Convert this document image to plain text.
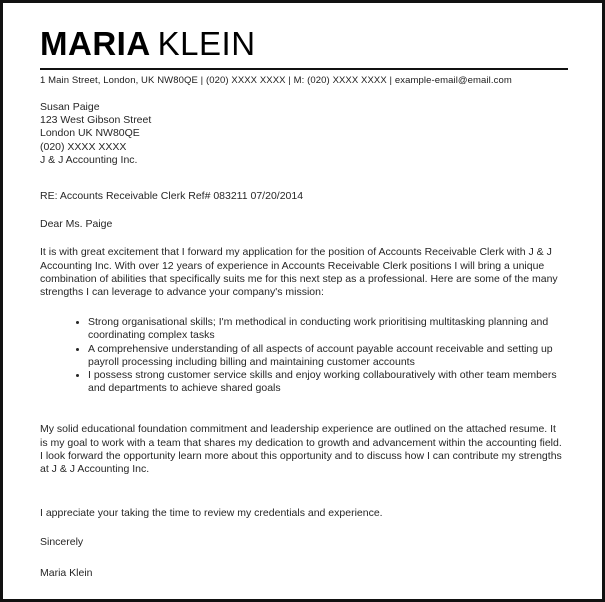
MARIA KLEIN
1 Main Street, London, UK NW80QE | (020) XXXX XXXX | M: (020) XXXX XXXX | example-email@email.com
Susan Paige
123 West Gibson Street
London UK NW80QE
(020) XXXX XXXX
J & J Accounting Inc.
RE: Accounts Receivable Clerk Ref# 083211 07/20/2014
Dear Ms. Paige
It is with great excitement that I forward my application for the position of Accounts Receivable Clerk with J & J Accounting Inc. With over 12 years of experience in Accounts Receivable Clerk positions I will bring a unique combination of abilities that specifically suits me for this next step as a professional. Here are some of the many strengths I can leverage to advance your company's mission:
Strong organisational skills; I'm methodical in conducting work prioritising multitasking planning and coordinating complex tasks
A comprehensive understanding of all aspects of account payable account receivable and setting up payroll processing including billing and maintaining customer accounts
I possess strong customer service skills and enjoy working collabouratively with other team members and departments to achieve shared goals
My solid educational foundation commitment and leadership experience are outlined on the attached resume. It is my goal to work with a team that shares my dedication to growth and advancement within the accounting field. I look forward the opportunity learn more about this opportunity and to discuss how I can contribute my strengths at J & J Accounting Inc.
I appreciate your taking the time to review my credentials and experience.
Sincerely
Maria Klein
